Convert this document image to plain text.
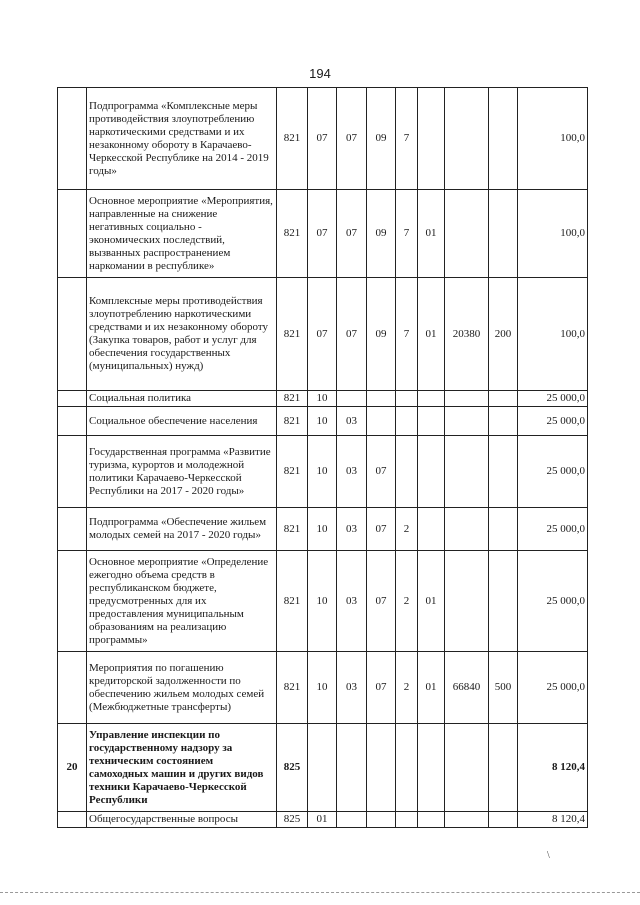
194
	Подпрограмма «Комплексные меры противодействия злоупотреблению наркотическими средствами и их незаконному обороту в Карачаево-Черкесской Республике на 2014 - 2019 годы»	821	07	07	09	7				100,0
	Основное мероприятие «Мероприятия, направленные на снижение негативных социально - экономических последствий, вызванных распространением наркомании в республике»	821	07	07	09	7	01			100,0
	Комплексные меры противодействия злоупотреблению наркотическими средствами и их незаконному обороту (Закупка товаров, работ и услуг для обеспечения государственных (муниципальных) нужд)	821	07	07	09	7	01	20380	200	100,0
	Социальная политика	821	10							25 000,0
	Социальное обеспечение населения	821	10	03						25 000,0
	Государственная программа «Развитие туризма, курортов и молодежной политики Карачаево-Черкесской Республики на 2017 - 2020 годы»	821	10	03	07					25 000,0
	Подпрограмма «Обеспечение жильем молодых семей на 2017 - 2020 годы»	821	10	03	07	2				25 000,0
	Основное мероприятие «Определение ежегодно объема средств в республиканском бюджете, предусмотренных для их предоставления муниципальным образованиям на реализацию программы»	821	10	03	07	2	01			25 000,0
	Мероприятия по погашению кредиторской задолженности по обеспечению жильем молодых семей (Межбюджетные трансферты)	821	10	03	07	2	01	66840	500	25 000,0
20	Управление инспекции по государственному надзору за техническим состоянием самоходных машин и других видов техники Карачаево-Черкесской Республики	825								8 120,4
	Общегосударственные вопросы	825	01							8 120,4
\
